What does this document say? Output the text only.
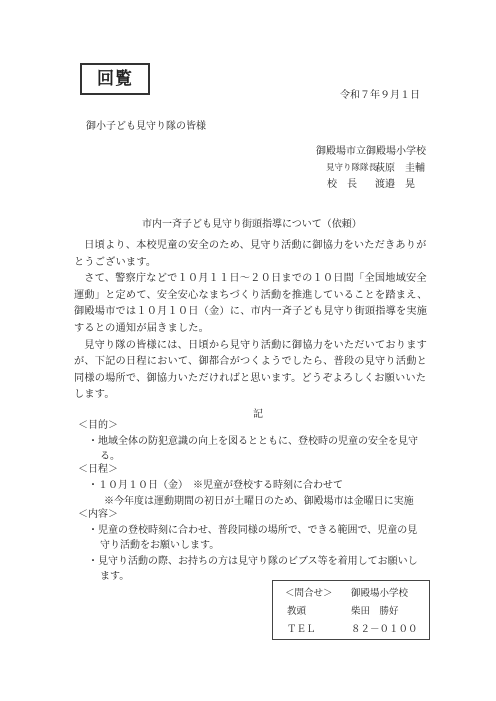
回覧
令和７年９月１日
御小子ども見守り隊の皆様
御殿場市立御殿場小学校
見守り隊隊長
萩原　圭輔
校　長 渡邉　晃
市内一斉子ども見守り街頭指導について（依頼）

日頃より、本校児童の安全のため、見守り活動に御協力をいただきありがとうございます。

さて、警察庁などで１０月１１日～２０日までの１０日間「全国地域安全運動」と定めて、安全安心なまちづくり活動を推進していることを踏まえ、御殿場市では１０月１０日（金）に、市内一斉子ども見守り街頭指導を実施するとの通知が届きました。

見守り隊の皆様には、日頃から見守り活動に御協力をいただいておりますが、下記の日程において、御都合がつくようでしたら、普段の見守り活動と同様の場所で、御協力いただければと思います。どうぞよろしくお願いいたします。

記
＜目的＞
・地域全体の防犯意識の向上を図るとともに、登校時の児童の安全を見守
る。
＜日程＞
・１０月１０日（金）　※児童が登校する時刻に合わせて
※今年度は運動期間の初日が土曜日のため、御殿場市は金曜日に実施
＜内容＞
・児童の登校時刻に合わせ、普段同様の場所で、できる範囲で、児童の見
守り活動をお願いします。
・見守り活動の際、お持ちの方は見守り隊のビブス等を着用してお願いし
ます。
＜問合せ＞ 御殿場小学校
教頭	柴田　勝好
ＴＥＬ	８２－０１００
